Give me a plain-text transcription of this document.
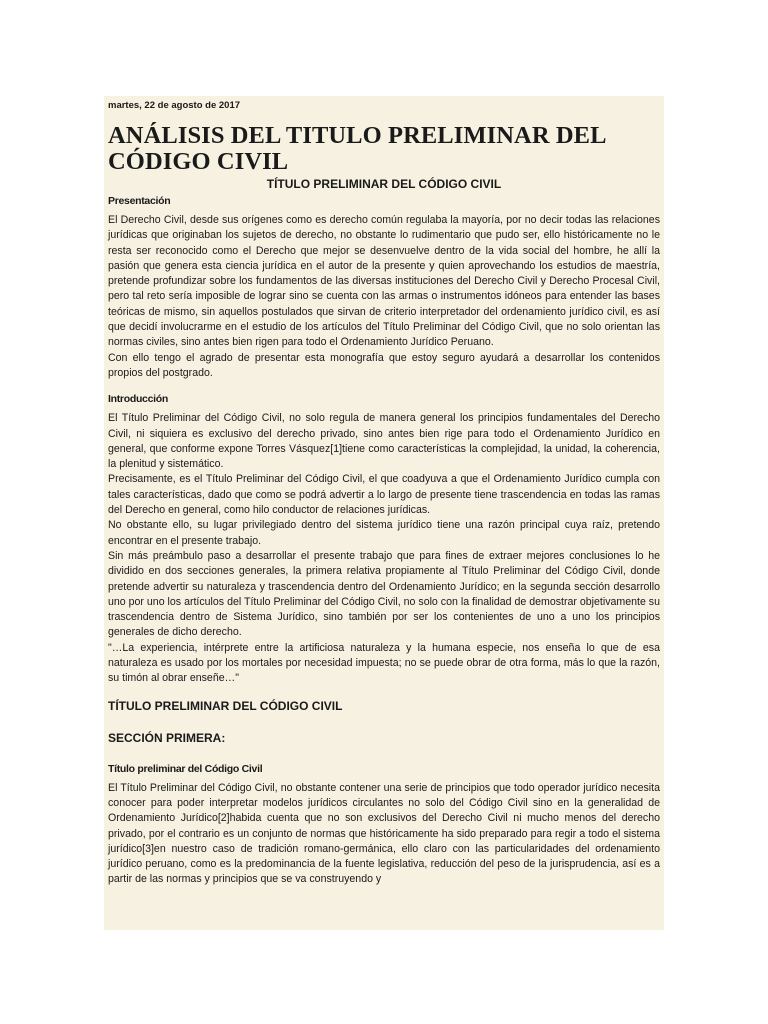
martes, 22 de agosto de 2017

ANÁLISIS DEL TITULO PRELIMINAR DEL
CÓDIGO CIVIL

TÍTULO PRELIMINAR DEL CÓDIGO CIVIL

Presentación

El Derecho Civil, desde sus orígenes como es derecho común regulaba la mayoría, por no decir todas las relaciones jurídicas que originaban los sujetos de derecho, no obstante lo rudimentario que pudo ser, ello históricamente no le resta ser reconocido como el Derecho que mejor se desenvuelve dentro de la vida social del hombre, he allí la pasión que genera esta ciencia jurídica en el autor de la presente y quien aprovechando los estudios de maestría, pretende profundizar sobre los fundamentos de las diversas instituciones del Derecho Civil y Derecho Procesal Civil, pero tal reto sería imposible de lograr sino se cuenta con las armas o instrumentos idóneos para entender las bases teóricas de mismo, sin aquellos postulados que sirvan de criterio interpretador del ordenamiento jurídico civil, es así que decidí involucrarme en el estudio de los artículos del Título Preliminar del Código Civil, que no solo orientan las normas civiles, sino antes bien rigen para todo el Ordenamiento Jurídico Peruano.

Con ello tengo el agrado de presentar esta monografía que estoy seguro ayudará a desarrollar los contenidos propios del postgrado.

Introducción

El Título Preliminar del Código Civil, no solo regula de manera general los principios fundamentales del Derecho Civil, ni siquiera es exclusivo del derecho privado, sino antes bien rige para todo el Ordenamiento Jurídico en general, que conforme expone Torres Vásquez[1]tiene como características la complejidad, la unidad, la coherencia, la plenitud y sistemático.

Precisamente, es el Título Preliminar del Código Civil, el que coadyuva a que el Ordenamiento Jurídico cumpla con tales características, dado que como se podrá advertir a lo largo de presente tiene trascendencia en todas las ramas del Derecho en general, como hilo conductor de relaciones jurídicas.

No obstante ello, su lugar privilegiado dentro del sistema jurídico tiene una razón principal cuya raíz, pretendo encontrar en el presente trabajo.

Sin más preámbulo paso a desarrollar el presente trabajo que para fines de extraer mejores conclusiones lo he dividido en dos secciones generales, la primera relativa propiamente al Título Preliminar del Código Civil, donde pretende advertir su naturaleza y trascendencia dentro del Ordenamiento Jurídico; en la segunda sección desarrollo uno por uno los artículos del Título Preliminar del Código Civil, no solo con la finalidad de demostrar objetivamente su trascendencia dentro de Sistema Jurídico, sino también por ser los contenientes de uno a uno los principios generales de dicho derecho.

"…La experiencia, intérprete entre la artificiosa naturaleza y la humana especie, nos enseña lo que de esa naturaleza es usado por los mortales por necesidad impuesta; no se puede obrar de otra forma, más lo que la razón, su timón al obrar enseñe…"

TÍTULO PRELIMINAR DEL CÓDIGO CIVIL

SECCIÓN PRIMERA:

Título preliminar del Código Civil

El Título Preliminar del Código Civil, no obstante contener una serie de principios que todo operador jurídico necesita conocer para poder interpretar modelos jurídicos circulantes no solo del Código Civil sino en la generalidad de Ordenamiento Jurídico[2]habida cuenta que no son exclusivos del Derecho Civil ni mucho menos del derecho privado, por el contrario es un conjunto de normas que históricamente ha sido preparado para regir a todo el sistema jurídico[3]en nuestro caso de tradición romano-germánica, ello claro con las particularidades del ordenamiento jurídico peruano, como es la predominancia de la fuente legislativa, reducción del peso de la jurisprudencia, así es a partir de las normas y principios que se va construyendo y
